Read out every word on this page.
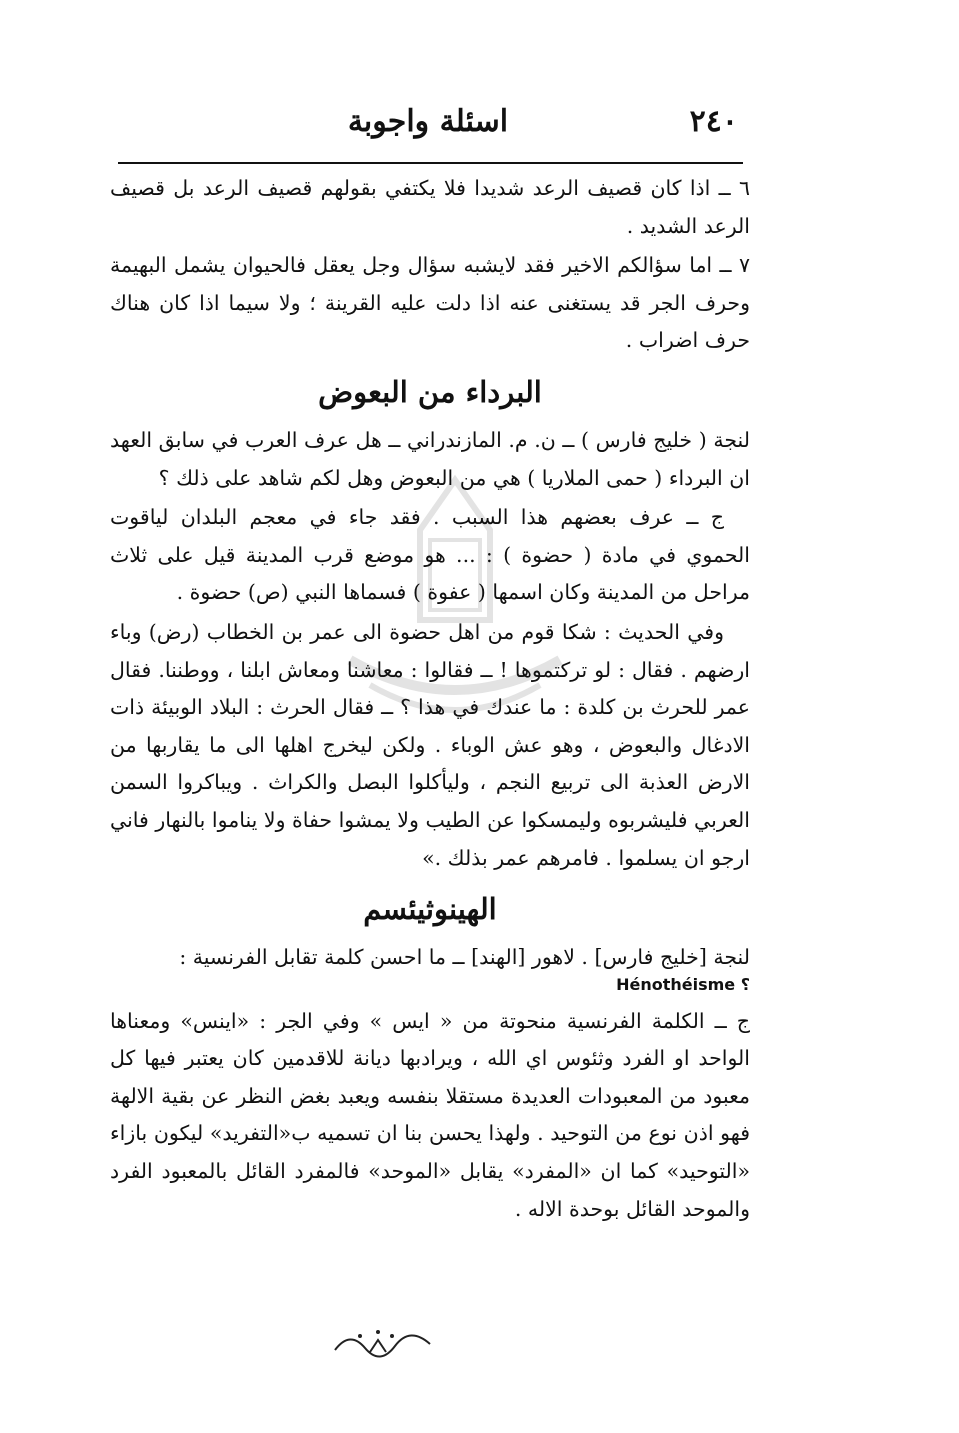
٢٤٠
اسئلة واجوبة

٦ ــ اذا كان قصيف الرعد شديدا فلا يكتفي بقولهم قصيف الرعد بل قصيف الرعد الشديد .

٧ ــ اما سؤالكم الاخير فقد لايشبه سؤال وجل يعقل فالحيوان يشمل البهيمة وحرف الجر قد يستغنى عنه اذا دلت عليه القرينة ؛ ولا سيما اذا كان هناك حرف اضراب .

البرداء من البعوض

لنجة ( خليج فارس ) ــ ن. م. المازندراني ــ هل عرف العرب في سابق العهد ان البرداء ( حمى الملاريا ) هي من البعوض وهل لكم شاهد على ذلك ؟

ج ــ عرف بعضهم هذا السبب . فقد جاء في معجم البلدان لياقوت الحموي في مادة ( حضوة ) : ... هو موضع قرب المدينة قيل على ثلاث مراحل من المدينة وكان اسمها ( عفوة ) فسماها النبي (ص) حضوة .

وفي الحديث : شكا قوم من اهل حضوة الى عمر بن الخطاب (رض) وباء ارضهم . فقال : لو تركتموها ! ــ فقالوا : معاشنا ومعاش ابلنا ، ووطننا. فقال عمر للحرث بن كلدة : ما عندك في هذا ؟ ــ فقال الحرث : البلاد الوبيئة ذات الادغال والبعوض ، وهو عش الوباء . ولكن ليخرج اهلها الى ما يقاربها من الارض العذبة الى تربيع النجم ، وليأكلوا البصل والكراث . ويباكروا السمن العربي فليشربوه وليمسكوا عن الطيب ولا يمشوا حفاة ولا يناموا بالنهار فاني ارجو ان يسلموا . فامرهم عمر بذلك .»

الهينوثيئسم

لنجة [خليج فارس] . لاهور [الهند] ــ ما احسن كلمة تقابل الفرنسية :

Hénothéisme ؟

ج ــ الكلمة الفرنسية منحوتة من « ايس » وفي الجر : «اينس» ومعناها الواحد او الفرد وثئوس اي الله ، ويرادبها ديانة للاقدمين كان يعتبر فيها كل معبود من المعبودات العديدة مستقلا بنفسه ويعبد بغض النظر عن بقية الالهة فهو اذن نوع من التوحيد . ولهذا يحسن بنا ان تسميه ب«التفريد» ليكون بازاء «التوحيد» كما ان «المفرد» يقابل «الموحد» فالمفرد القائل بالمعبود الفرد والموحد القائل بوحدة الاله .
